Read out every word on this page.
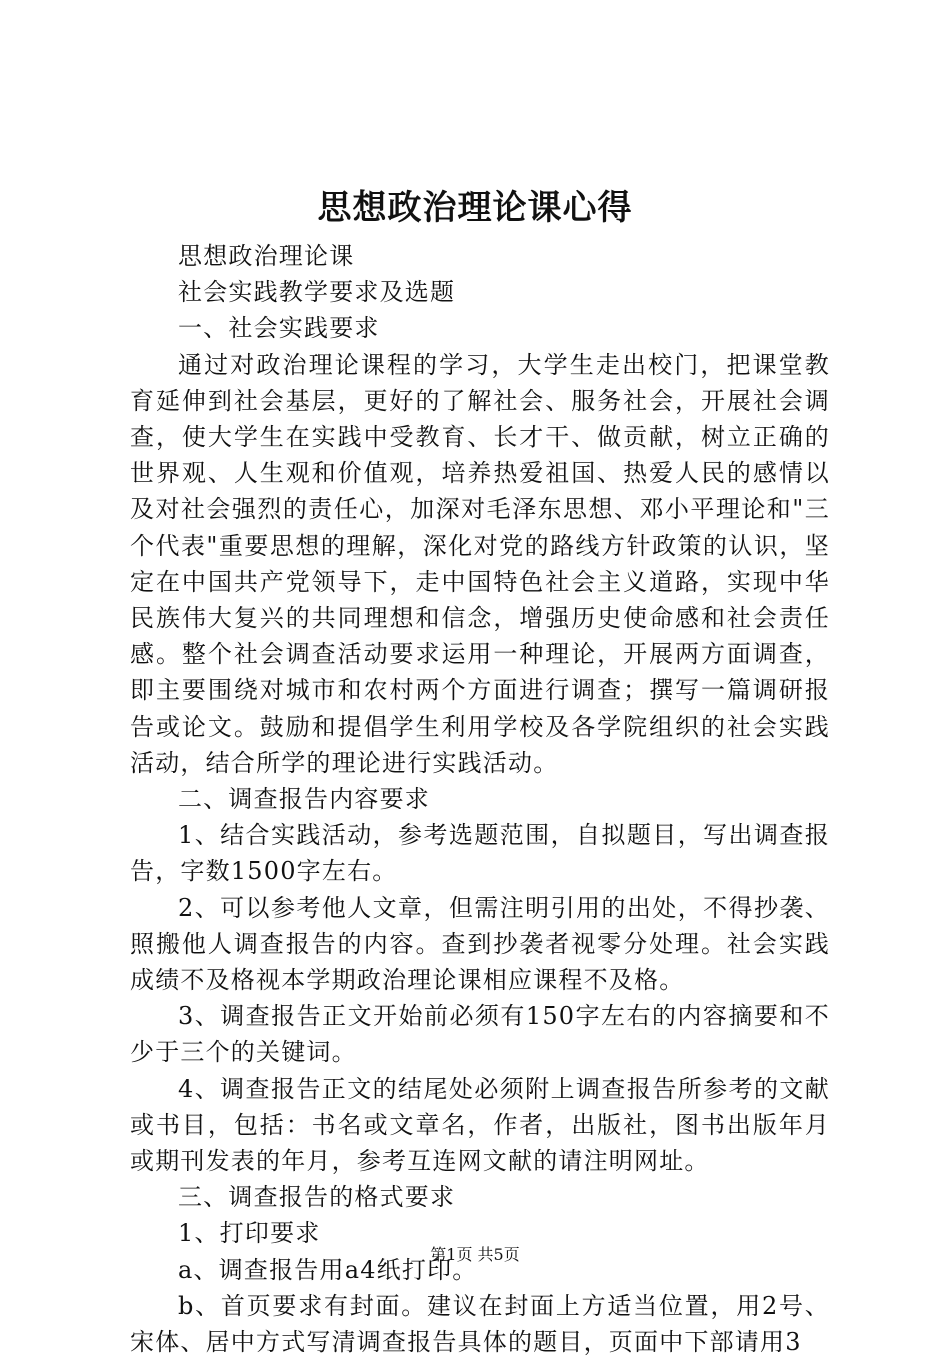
思想政治理论课心得

思想政治理论课

社会实践教学要求及选题

一、社会实践要求

通过对政治理论课程的学习，大学生走出校门，把课堂教育延伸到社会基层，更好的了解社会、服务社会，开展社会调查，使大学生在实践中受教育、长才干、做贡献，树立正确的世界观、人生观和价值观，培养热爱祖国、热爱人民的感情以及对社会强烈的责任心，加深对毛泽东思想、邓小平理论和"三个代表"重要思想的理解，深化对党的路线方针政策的认识，坚定在中国共产党领导下，走中国特色社会主义道路，实现中华民族伟大复兴的共同理想和信念，增强历史使命感和社会责任感。整个社会调查活动要求运用一种理论，开展两方面调查，即主要围绕对城市和农村两个方面进行调查；撰写一篇调研报告或论文。鼓励和提倡学生利用学校及各学院组织的社会实践活动，结合所学的理论进行实践活动。

二、调查报告内容要求

1、结合实践活动，参考选题范围，自拟题目，写出调查报告，字数1500字左右。

2、可以参考他人文章，但需注明引用的出处，不得抄袭、照搬他人调查报告的内容。查到抄袭者视零分处理。社会实践成绩不及格视本学期政治理论课相应课程不及格。

3、调查报告正文开始前必须有150字左右的内容摘要和不少于三个的关键词。

4、调查报告正文的结尾处必须附上调查报告所参考的文献或书目，包括：书名或文章名，作者，出版社，图书出版年月或期刊发表的年月，参考互连网文献的请注明网址。

三、调查报告的格式要求

1、打印要求

a、调查报告用a4纸打印。

b、首页要求有封面。建议在封面上方适当位置，用2号、宋体、居中方式写清调查报告具体的题目，页面中下部请用3

第1页 共5页
